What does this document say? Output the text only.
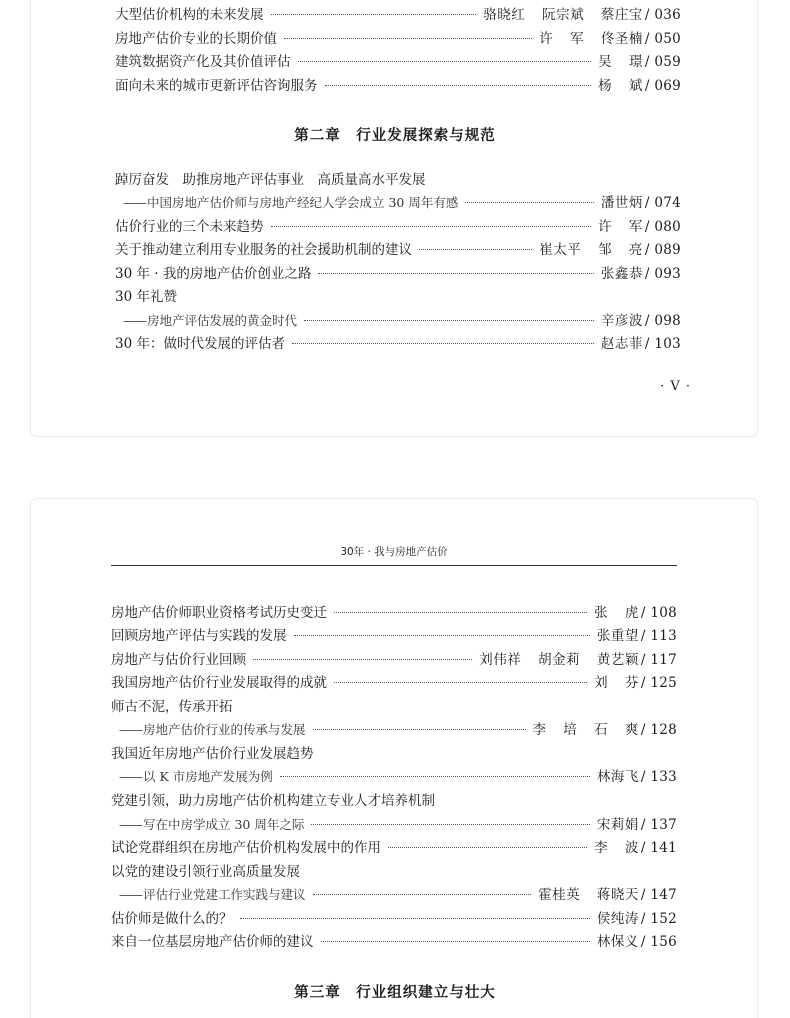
大型估价机构的未来发展	骆晓红 阮宗斌 蔡庄宝 / 036
房地产估价专业的长期价值	许 军 佟圣楠 / 050
建筑数据资产化及其价值评估	吴 璟 / 059
面向未来的城市更新评估咨询服务	杨 斌 / 069
第二章　行业发展探索与规范
踔厉奋发　助推房地产评估事业　高质量高水平发展
——中国房地产估价师与房地产经纪人学会成立 30 周年有感	潘世炳 / 074
估价行业的三个未来趋势	许 军 / 080
关于推动建立利用专业服务的社会援助机制的建议	崔太平 邹 亮 / 089
30 年 · 我的房地产估价创业之路	张鑫恭 / 093
30 年礼赞
——房地产评估发展的黄金时代	辛彦波 / 098
30 年：做时代发展的评估者	赵志菲 / 103
· V ·
30年 · 我与房地产估价
房地产估价师职业资格考试历史变迁	张 虎 / 108
回顾房地产评估与实践的发展	张重望 / 113
房地产与估价行业回顾	刘伟祥 胡金莉 黄艺颖 / 117
我国房地产估价行业发展取得的成就	刘 芬 / 125
师古不泥，传承开拓
——房地产估价行业的传承与发展	李 培 石 爽 / 128
我国近年房地产估价行业发展趋势
——以 K 市房地产发展为例	林海飞 / 133
党建引领，助力房地产估价机构建立专业人才培养机制
——写在中房学成立 30 周年之际	宋莉娟 / 137
试论党群组织在房地产估价机构发展中的作用	李 波 / 141
以党的建设引领行业高质量发展
——评估行业党建工作实践与建议	霍桂英 蒋晓天 / 147
估价师是做什么的？	侯纯涛 / 152
来自一位基层房地产估价师的建议	林保义 / 156
第三章　行业组织建立与壮大
